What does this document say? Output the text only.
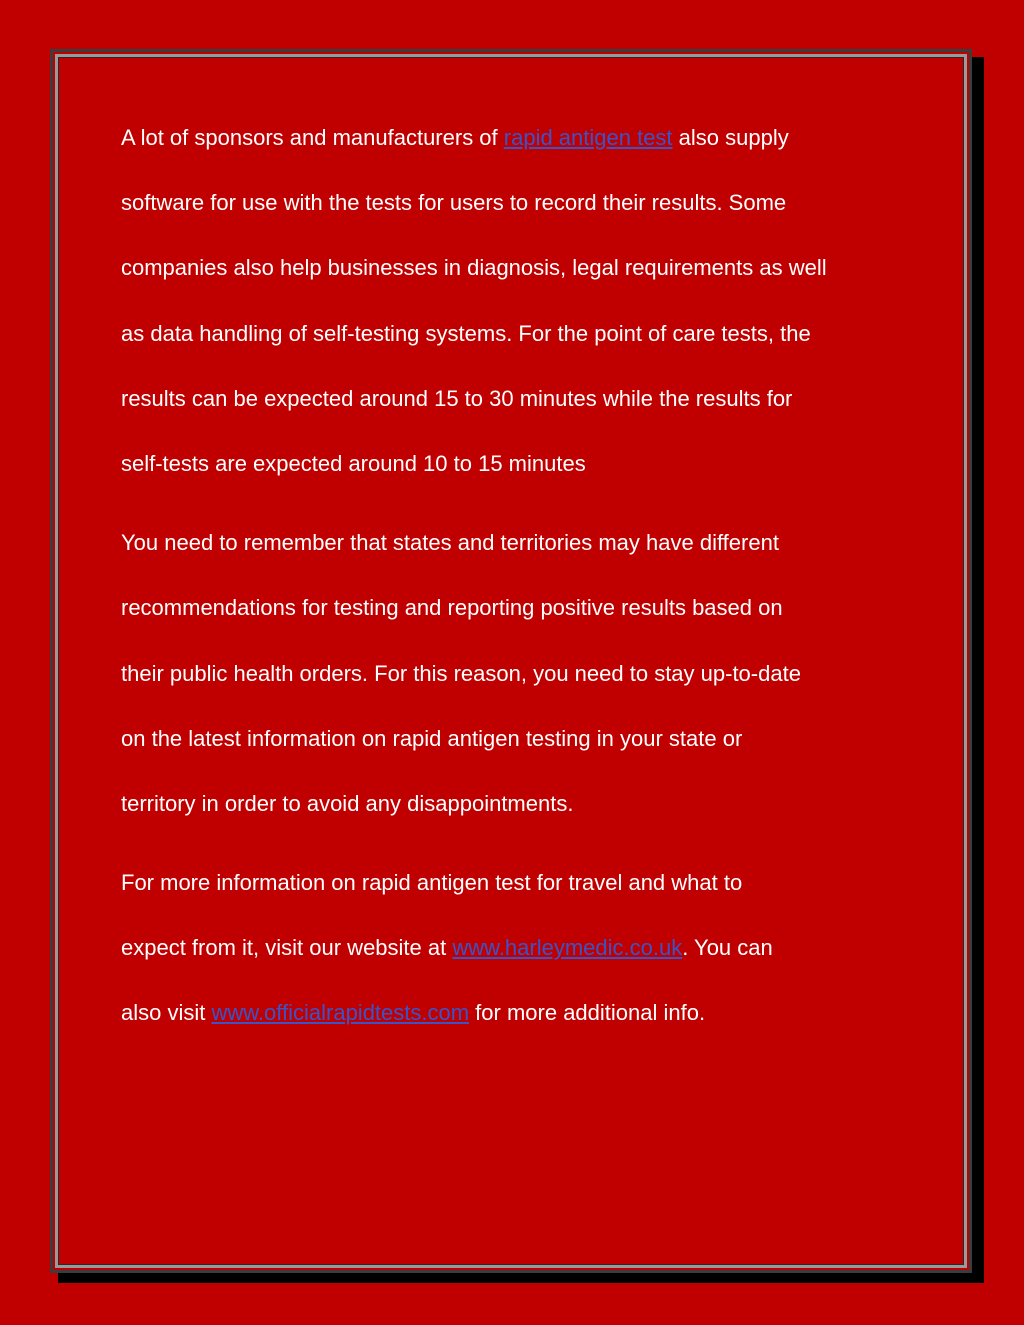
A lot of sponsors and manufacturers of rapid antigen test also supply
software for use with the tests for users to record their results. Some
companies also help businesses in diagnosis, legal requirements as well
as data handling of self-testing systems. For the point of care tests, the
results can be expected around 15 to 30 minutes while the results for
self-tests are expected around 10 to 15 minutes
You need to remember that states and territories may have different
recommendations for testing and reporting positive results based on
their public health orders. For this reason, you need to stay up-to-date
on the latest information on rapid antigen testing in your state or
territory in order to avoid any disappointments.
For more information on rapid antigen test for travel and what to
expect from it, visit our website at www.harleymedic.co.uk. You can
also visit www.officialrapidtests.com for more additional info.
